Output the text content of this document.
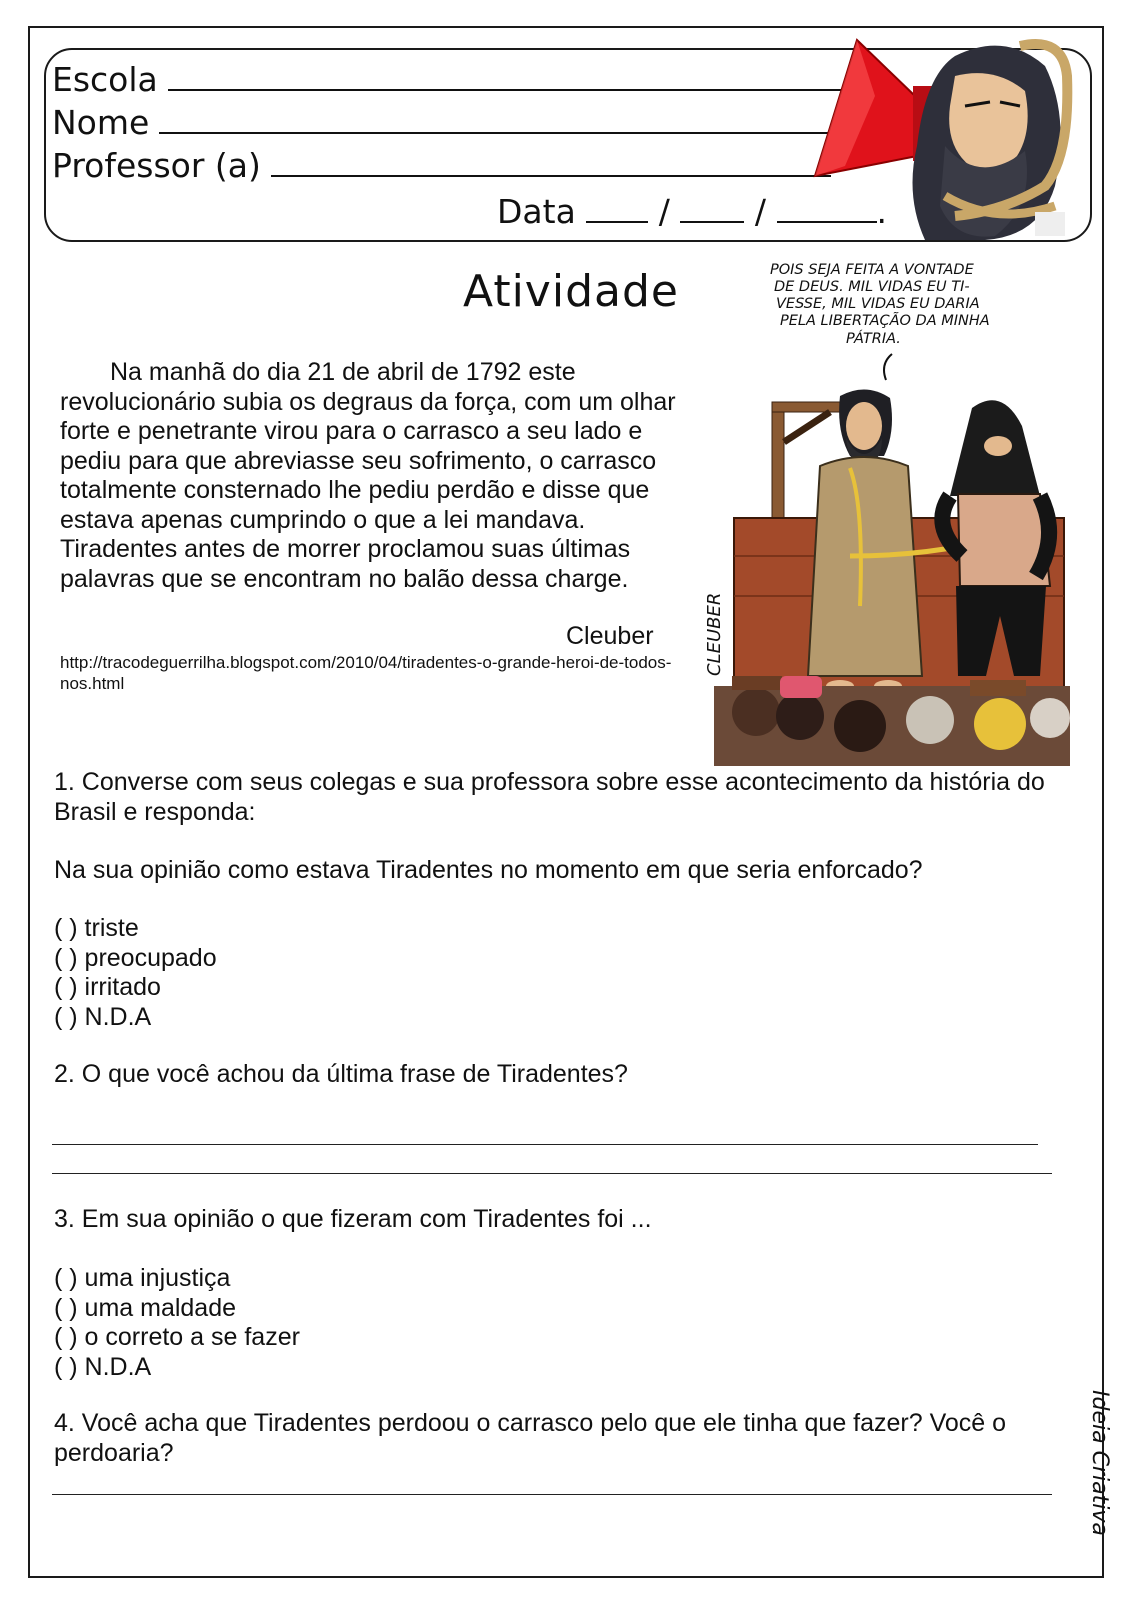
Escola
Nome
Professor (a)
Data	/	/	.
Atividade
Na manhã do dia 21 de abril de 1792 este revolucionário subia os degraus da força, com um olhar forte e penetrante virou para o carrasco a seu lado e pediu para que abreviasse seu sofrimento, o carrasco totalmente consternado lhe pediu perdão e disse que estava apenas cumprindo o que a lei mandava. Tiradentes antes de morrer proclamou suas últimas palavras que se encontram no balão dessa charge.
Cleuber
http://tracodeguerrilha.blogspot.com/2010/04/tiradentes-o-grande-heroi-de-todos-nos.html
POIS SEJA FEITA A VONTADE
DE DEUS. MIL VIDAS EU TI-
VESSE, MIL VIDAS EU DARIA
PELA LIBERTAÇÃO DA MINHA
PÁTRIA.
CLEUBER
1. Converse com seus colegas e sua professora sobre esse acontecimento da história do Brasil e responda:
Na sua opinião como estava Tiradentes no momento em que seria enforcado?
( ) triste
( ) preocupado
( ) irritado
( ) N.D.A
2. O que você achou da última frase de Tiradentes?
3. Em sua opinião o que fizeram com Tiradentes foi ...
( ) uma injustiça
( ) uma maldade
( ) o correto a se fazer
( ) N.D.A
4. Você acha que Tiradentes perdoou o carrasco pelo que ele tinha que fazer? Você o perdoaria?	Ideia Criativa
